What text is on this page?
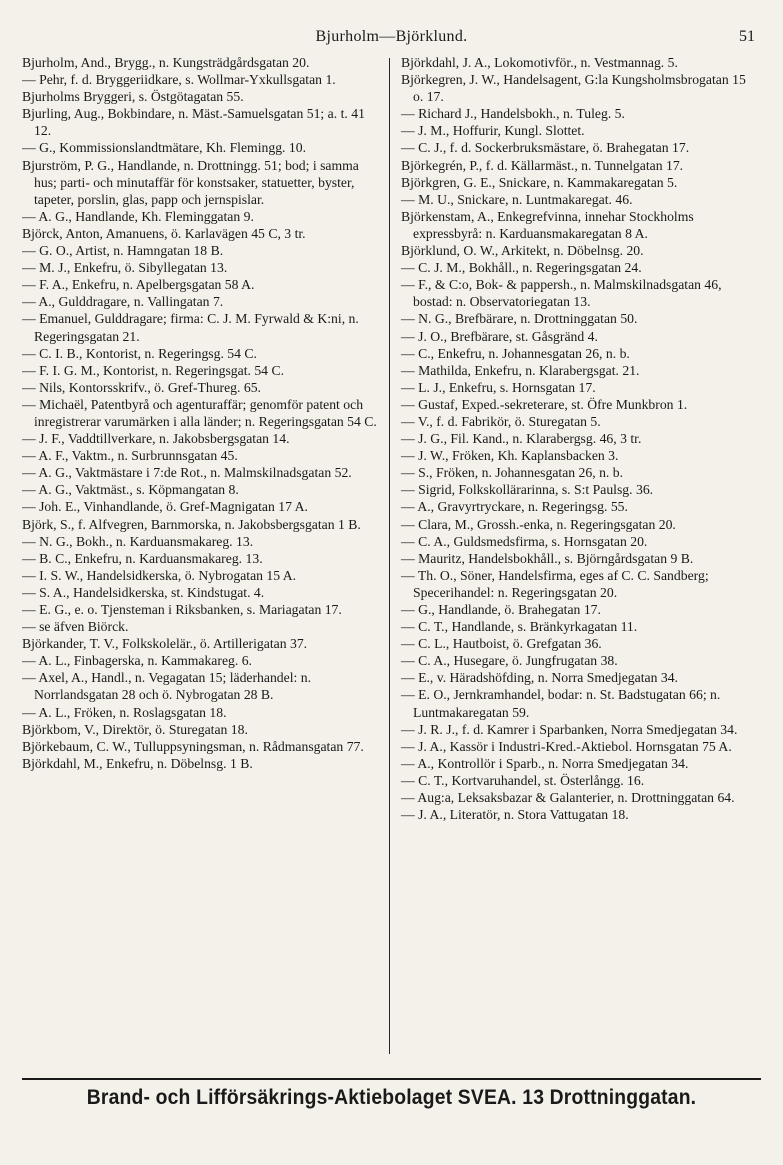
Bjurholm—Björklund.	51

Bjurholm, And., Brygg., n. Kungsträdgårdsgatan 20.

— Pehr, f. d. Bryggeriidkare, s. Wollmar-Yxkullsgatan 1.

Bjurholms Bryggeri, s. Östgötagatan 55.

Bjurling, Aug., Bokbindare, n. Mäst.-Samuelsgatan 51; a. t. 41 12.

— G., Kommissionslandtmätare, Kh. Flemingg. 10.

Bjurström, P. G., Handlande, n. Drottningg. 51; bod; i samma hus; parti- och minutaffär för konstsaker, statuetter, byster, tapeter, porslin, glas, papp och jernspislar.

— A. G., Handlande, Kh. Fleminggatan 9.

Björck, Anton, Amanuens, ö. Karlavägen 45 C, 3 tr.

— G. O., Artist, n. Hamngatan 18 B.

— M. J., Enkefru, ö. Sibyllegatan 13.

— F. A., Enkefru, n. Apelbergsgatan 58 A.

— A., Gulddragare, n. Vallingatan 7.

— Emanuel, Gulddragare; firma: C. J. M. Fyrwald & K:ni, n. Regeringsgatan 21.

— C. I. B., Kontorist, n. Regeringsg. 54 C.

— F. I. G. M., Kontorist, n. Regeringsgat. 54 C.

— Nils, Kontorsskrifv., ö. Gref-Thureg. 65.

— Michaël, Patentbyrå och agenturaffär; genomför patent och inregistrerar varumärken i alla länder; n. Regeringsgatan 54 C.

— J. F., Vaddtillverkare, n. Jakobsbergsgatan 14.

— A. F., Vaktm., n. Surbrunnsgatan 45.

— A. G., Vaktmästare i 7:de Rot., n. Malmskilnadsgatan 52.

— A. G., Vaktmäst., s. Köpmangatan 8.

— Joh. E., Vinhandlande, ö. Gref-Magnigatan 17 A.

Björk, S., f. Alfvegren, Barnmorska, n. Jakobsbergsgatan 1 B.

— N. G., Bokh., n. Karduansmakareg. 13.

— B. C., Enkefru, n. Karduansmakareg. 13.

— I. S. W., Handelsidkerska, ö. Nybrogatan 15 A.

— S. A., Handelsidkerska, st. Kindstugat. 4.

— E. G., e. o. Tjensteman i Riksbanken, s. Mariagatan 17.

— se äfven Biörck.

Björkander, T. V., Folkskolelär., ö. Artillerigatan 37.

— A. L., Finbagerska, n. Kammakareg. 6.

— Axel, A., Handl., n. Vegagatan 15; läderhandel: n. Norrlandsgatan 28 och ö. Nybrogatan 28 B.

— A. L., Fröken, n. Roslagsgatan 18.

Björkbom, V., Direktör, ö. Sturegatan 18.

Björkebaum, C. W., Tulluppsyningsman, n. Rådmansgatan 77.

Björkdahl, M., Enkefru, n. Döbelnsg. 1 B.

Björkdahl, J. A., Lokomotivför., n. Vestmannag. 5.

Björkegren, J. W., Handelsagent, G:la Kungsholmsbrogatan 15 o. 17.

— Richard J., Handelsbokh., n. Tuleg. 5.

— J. M., Hoffurir, Kungl. Slottet.

— C. J., f. d. Sockerbruksmästare, ö. Brahegatan 17.

Björkegrén, P., f. d. Källarmäst., n. Tunnelgatan 17.

Björkgren, G. E., Snickare, n. Kammakaregatan 5.

— M. U., Snickare, n. Luntmakaregat. 46.

Björkenstam, A., Enkegrefvinna, innehar Stockholms expressbyrå: n. Karduansmakaregatan 8 A.

Björklund, O. W., Arkitekt, n. Döbelnsg. 20.

— C. J. M., Bokhåll., n. Regeringsgatan 24.

— F., & C:o, Bok- & pappersh., n. Malmskilnadsgatan 46, bostad: n. Observatoriegatan 13.

— N. G., Brefbärare, n. Drottninggatan 50.

— J. O., Brefbärare, st. Gåsgränd 4.

— C., Enkefru, n. Johannesgatan 26, n. b.

— Mathilda, Enkefru, n. Klarabergsgat. 21.

— L. J., Enkefru, s. Hornsgatan 17.

— Gustaf, Exped.-sekreterare, st. Öfre Munkbron 1.

— V., f. d. Fabrikör, ö. Sturegatan 5.

— J. G., Fil. Kand., n. Klarabergsg. 46, 3 tr.

— J. W., Fröken, Kh. Kaplansbacken 3.

— S., Fröken, n. Johannesgatan 26, n. b.

— Sigrid, Folkskollärarinna, s. S:t Paulsg. 36.

— A., Gravyrtryckare, n. Regeringsg. 55.

— Clara, M., Grossh.-enka, n. Regeringsgatan 20.

— C. A., Guldsmedsfirma, s. Hornsgatan 20.

— Mauritz, Handelsbokhåll., s. Björngårdsgatan 9 B.

— Th. O., Söner, Handelsfirma, eges af C. C. Sandberg; Specerihandel: n. Regeringsgatan 20.

— G., Handlande, ö. Brahegatan 17.

— C. T., Handlande, s. Bränkyrkagatan 11.

— C. L., Hautboist, ö. Grefgatan 36.

— C. A., Husegare, ö. Jungfrugatan 38.

— E., v. Häradshöfding, n. Norra Smedjegatan 34.

— E. O., Jernkramhandel, bodar: n. St. Badstugatan 66; n. Luntmakaregatan 59.

— J. R. J., f. d. Kamrer i Sparbanken, Norra Smedjegatan 34.

— J. A., Kassör i Industri-Kred.-Aktiebol. Hornsgatan 75 A.

— A., Kontrollör i Sparb., n. Norra Smedjegatan 34.

— C. T., Kortvaruhandel, st. Österlångg. 16.

— Aug:a, Leksaksbazar & Galanterier, n. Drottninggatan 64.

— J. A., Literatör, n. Stora Vattugatan 18.

Brand- och Lifförsäkrings-Aktiebolaget SVEA. 13 Drottninggatan.
